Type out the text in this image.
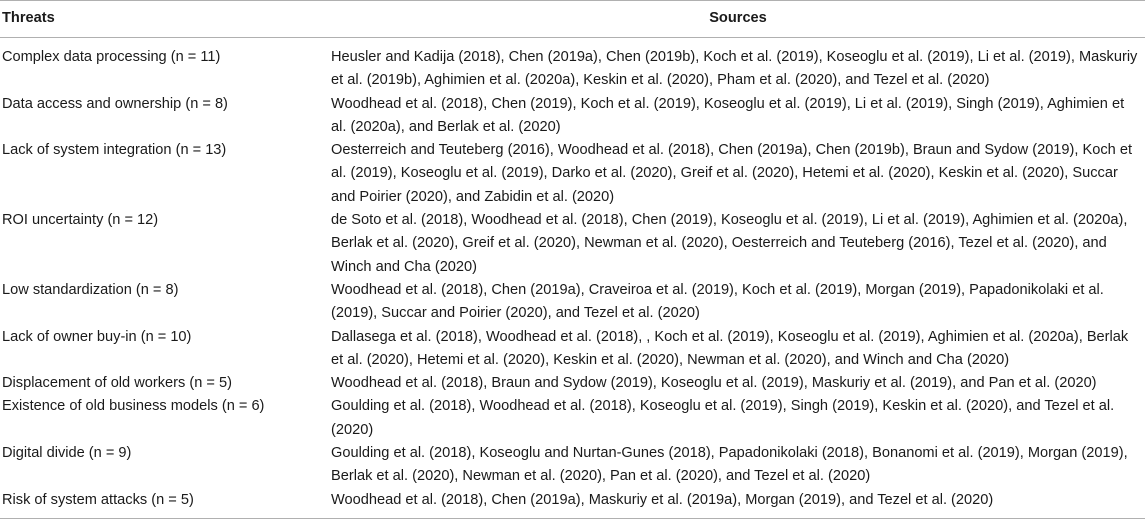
Threats	Sources
Complex data processing (n = 11)	Heusler and Kadija (2018), Chen (2019a), Chen (2019b), Koch et al. (2019), Koseoglu et al. (2019), Li et al. (2019), Maskuriy et al. (2019b), Aghimien et al. (2020a), Keskin et al. (2020), Pham et al. (2020), and Tezel et al. (2020)
Data access and ownership (n = 8)	Woodhead et al. (2018), Chen (2019), Koch et al. (2019), Koseoglu et al. (2019), Li et al. (2019), Singh (2019), Aghimien et al. (2020a), and Berlak et al. (2020)
Lack of system integration (n = 13)	Oesterreich and Teuteberg (2016), Woodhead et al. (2018), Chen (2019a), Chen (2019b), Braun and Sydow (2019), Koch et al. (2019), Koseoglu et al. (2019), Darko et al. (2020), Greif et al. (2020), Hetemi et al. (2020), Keskin et al. (2020), Succar and Poirier (2020), and Zabidin et al. (2020)
ROI uncertainty (n = 12)	de Soto et al. (2018), Woodhead et al. (2018), Chen (2019), Koseoglu et al. (2019), Li et al. (2019), Aghimien et al. (2020a), Berlak et al. (2020), Greif et al. (2020), Newman et al. (2020), Oesterreich and Teuteberg (2016), Tezel et al. (2020), and Winch and Cha (2020)
Low standardization (n = 8)	Woodhead et al. (2018), Chen (2019a), Craveiroa et al. (2019), Koch et al. (2019), Morgan (2019), Papadonikolaki et al. (2019), Succar and Poirier (2020), and Tezel et al. (2020)
Lack of owner buy-in (n = 10)	Dallasega et al. (2018), Woodhead et al. (2018), , Koch et al. (2019), Koseoglu et al. (2019), Aghimien et al. (2020a), Berlak et al. (2020), Hetemi et al. (2020), Keskin et al. (2020), Newman et al. (2020), and Winch and Cha (2020)
Displacement of old workers (n = 5)	Woodhead et al. (2018), Braun and Sydow (2019), Koseoglu et al. (2019), Maskuriy et al. (2019), and Pan et al. (2020)
Existence of old business models (n = 6)	Goulding et al. (2018), Woodhead et al. (2018), Koseoglu et al. (2019), Singh (2019), Keskin et al. (2020), and Tezel et al. (2020)
Digital divide (n = 9)	Goulding et al. (2018), Koseoglu and Nurtan-Gunes (2018), Papadonikolaki (2018), Bonanomi et al. (2019), Morgan (2019), Berlak et al. (2020), Newman et al. (2020), Pan et al. (2020), and Tezel et al. (2020)
Risk of system attacks (n = 5)	Woodhead et al. (2018), Chen (2019a), Maskuriy et al. (2019a), Morgan (2019), and Tezel et al. (2020)
